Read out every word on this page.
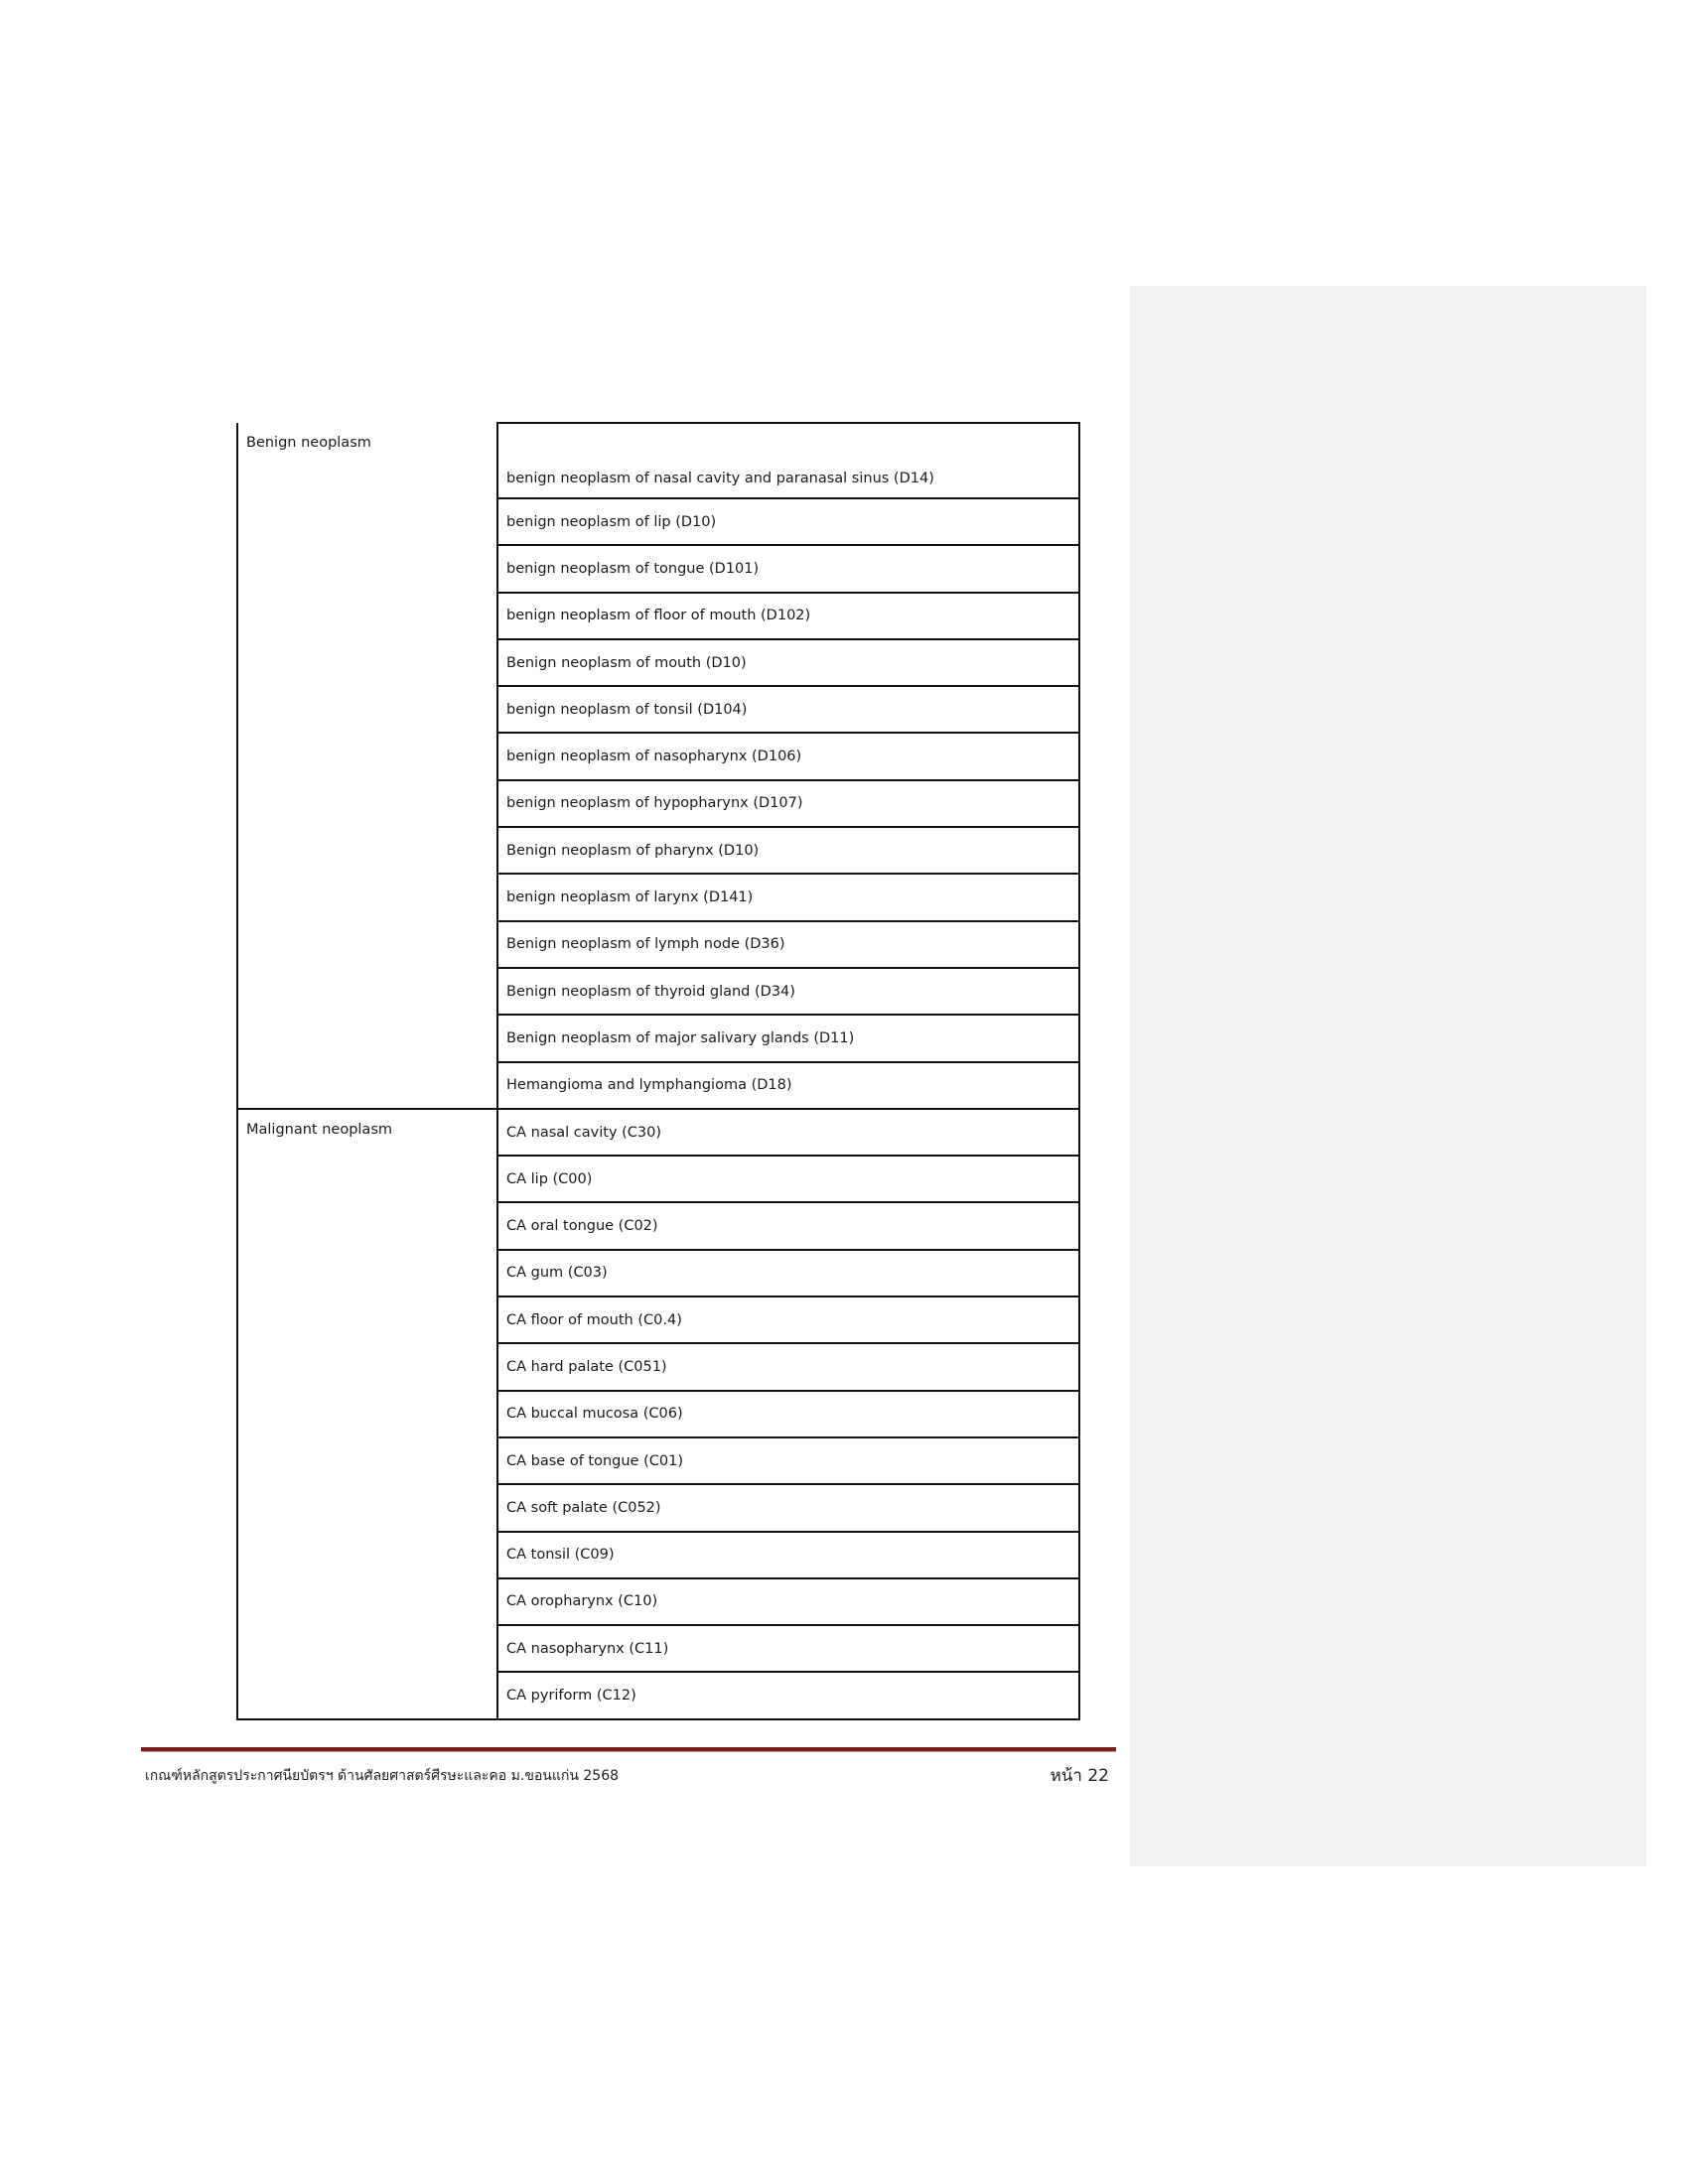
Benign neoplasm	benign neoplasm of nasal cavity and paranasal sinus (D14)
	benign neoplasm of lip (D10)
	benign neoplasm of tongue (D101)
	benign neoplasm of floor of mouth (D102)
	Benign neoplasm of mouth (D10)
	benign neoplasm of tonsil (D104)
	benign neoplasm of nasopharynx (D106)
	benign neoplasm of hypopharynx (D107)
	Benign neoplasm of pharynx (D10)
	benign neoplasm of larynx (D141)
	Benign neoplasm of lymph node (D36)
	Benign neoplasm of thyroid gland (D34)
	Benign neoplasm of major salivary glands (D11)
	Hemangioma and lymphangioma (D18)
Malignant neoplasm	CA nasal cavity (C30)
	CA lip (C00)
	CA oral tongue (C02)
	CA gum (C03)
	CA floor of mouth (C0.4)
	CA hard palate (C051)
	CA buccal mucosa (C06)
	CA base of tongue (C01)
	CA soft palate (C052)
	CA tonsil (C09)
	CA oropharynx (C10)
	CA nasopharynx (C11)
	CA pyriform (C12)
เกณฑ์หลักสูตรประกาศนียบัตรฯ ด้านศัลยศาสตร์ศีรษะและคอ ม.ขอนแก่น 2568	หน้า 22
